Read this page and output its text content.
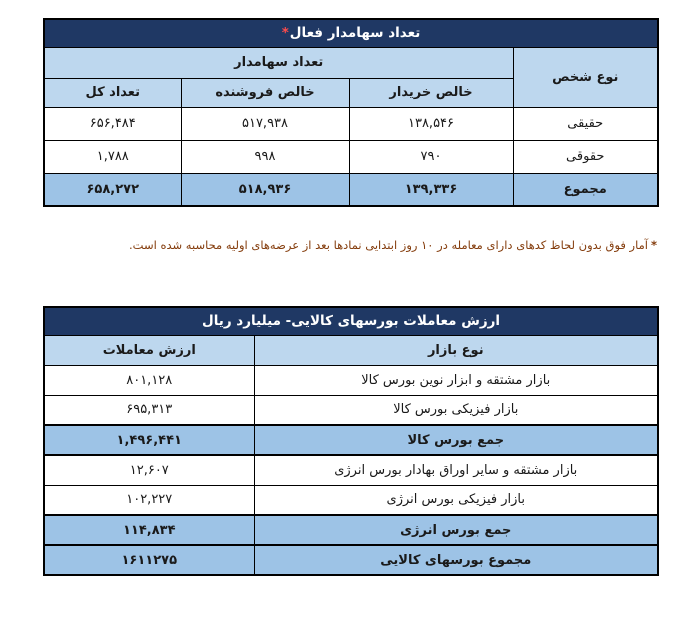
تعداد سهامدار فعال*			
نوع شخص	تعداد سهامدار		
	خالص خریدار	خالص فروشنده	تعداد کل
حقیقی	۱۳۸,۵۴۶	۵۱۷,۹۳۸	۶۵۶,۴۸۴
حقوقی	۷۹۰	۹۹۸	۱,۷۸۸
مجموع	۱۳۹,۳۳۶	۵۱۸,۹۳۶	۶۵۸,۲۷۲
*آمار فوق بدون لحاظ کدهای دارای معامله در ۱۰ روز ابتدایی نمادها بعد از عرضه‌های اولیه محاسبه شده است.
ارزش معاملات بورسهای کالایی- میلیارد ریال	
نوع بازار	ارزش معاملات
بازار مشتقه و ابزار نوین بورس کالا	۸۰۱,۱۲۸
بازار فیزیکی بورس کالا	۶۹۵,۳۱۳
جمع بورس کالا	۱,۴۹۶,۴۴۱
بازار مشتقه و سایر اوراق بهادار بورس انرژی	۱۲,۶۰۷
بازار فیزیکی بورس انرژی	۱۰۲,۲۲۷
جمع بورس انرژی	۱۱۴,۸۳۴
مجموع بورسهای کالایی	۱۶۱۱۲۷۵
